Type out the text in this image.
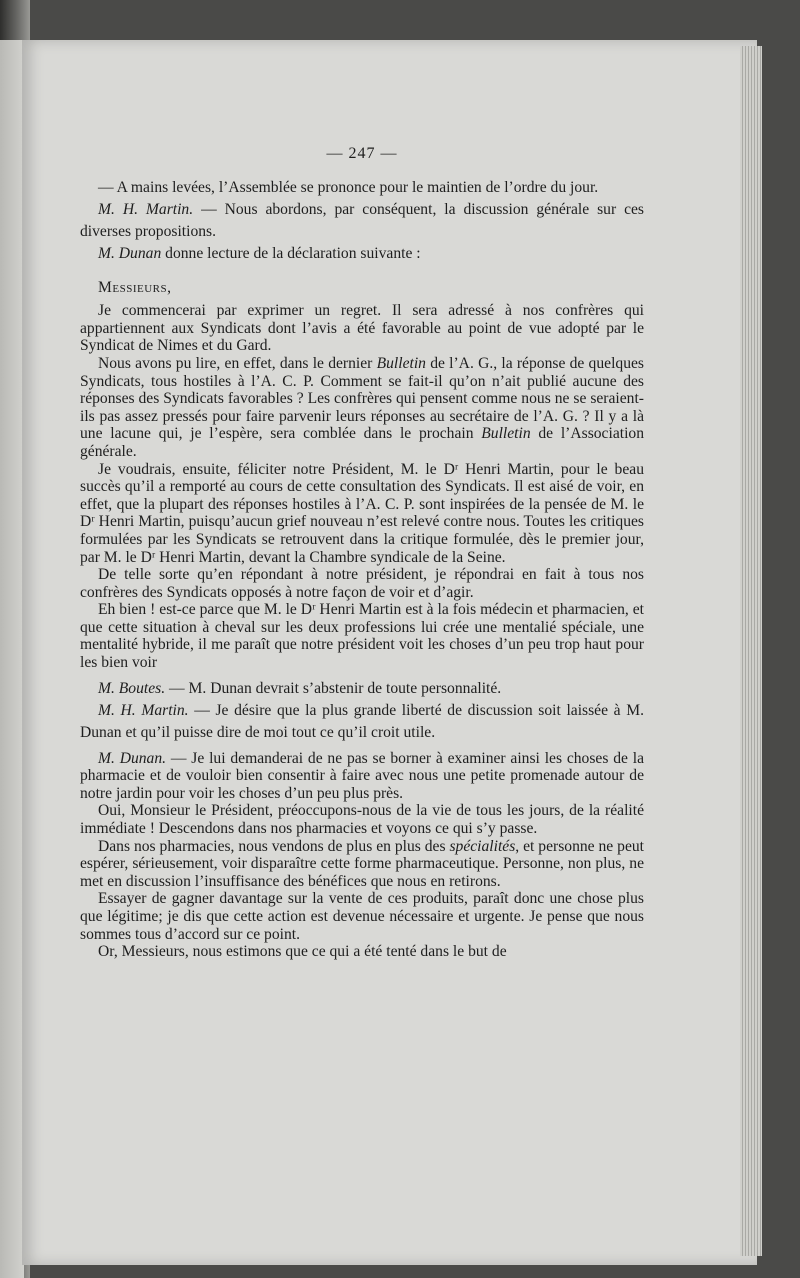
— 247 —

— A mains levées, l’Assemblée se prononce pour le maintien de l’ordre du jour.

M. H. Martin. — Nous abordons, par conséquent, la discussion générale sur ces diverses propositions.

M. Dunan donne lecture de la déclaration suivante :

Messieurs,

Je commencerai par exprimer un regret. Il sera adressé à nos confrères qui appartiennent aux Syndicats dont l’avis a été favorable au point de vue adopté par le Syndicat de Nimes et du Gard.

Nous avons pu lire, en effet, dans le dernier Bulletin de l’A. G., la réponse de quelques Syndicats, tous hostiles à l’A. C. P. Comment se fait-il qu’on n’ait publié aucune des réponses des Syndicats favorables ? Les confrères qui pensent comme nous ne se seraient-ils pas assez pressés pour faire parvenir leurs réponses au secrétaire de l’A. G. ? Il y a là une lacune qui, je l’espère, sera comblée dans le prochain Bulletin de l’Association générale.

Je voudrais, ensuite, féliciter notre Président, M. le Dʳ Henri Martin, pour le beau succès qu’il a remporté au cours de cette consultation des Syndicats. Il est aisé de voir, en effet, que la plupart des réponses hostiles à l’A. C. P. sont inspirées de la pensée de M. le Dʳ Henri Martin, puisqu’aucun grief nouveau n’est relevé contre nous. Toutes les critiques formulées par les Syndicats se retrouvent dans la critique formulée, dès le premier jour, par M. le Dʳ Henri Martin, devant la Chambre syndicale de la Seine.

De telle sorte qu’en répondant à notre président, je répondrai en fait à tous nos confrères des Syndicats opposés à notre façon de voir et d’agir.

Eh bien ! est-ce parce que M. le Dʳ Henri Martin est à la fois médecin et pharmacien, et que cette situation à cheval sur les deux professions lui crée une mentalié spéciale, une mentalité hybride, il me paraît que notre président voit les choses d’un peu trop haut pour les bien voir

M. Boutes. — M. Dunan devrait s’abstenir de toute personnalité.

M. H. Martin. — Je désire que la plus grande liberté de discussion soit laissée à M. Dunan et qu’il puisse dire de moi tout ce qu’il croit utile.

M. Dunan. — Je lui demanderai de ne pas se borner à examiner ainsi les choses de la pharmacie et de vouloir bien consentir à faire avec nous une petite promenade autour de notre jardin pour voir les choses d’un peu plus près.

Oui, Monsieur le Président, préoccupons-nous de la vie de tous les jours, de la réalité immédiate ! Descendons dans nos pharmacies et voyons ce qui s’y passe.

Dans nos pharmacies, nous vendons de plus en plus des spécialités, et personne ne peut espérer, sérieusement, voir disparaître cette forme pharmaceutique. Personne, non plus, ne met en discussion l’insuffisance des bénéfices que nous en retirons.

Essayer de gagner davantage sur la vente de ces produits, paraît donc une chose plus que légitime; je dis que cette action est devenue nécessaire et urgente. Je pense que nous sommes tous d’accord sur ce point.

Or, Messieurs, nous estimons que ce qui a été tenté dans le but de
